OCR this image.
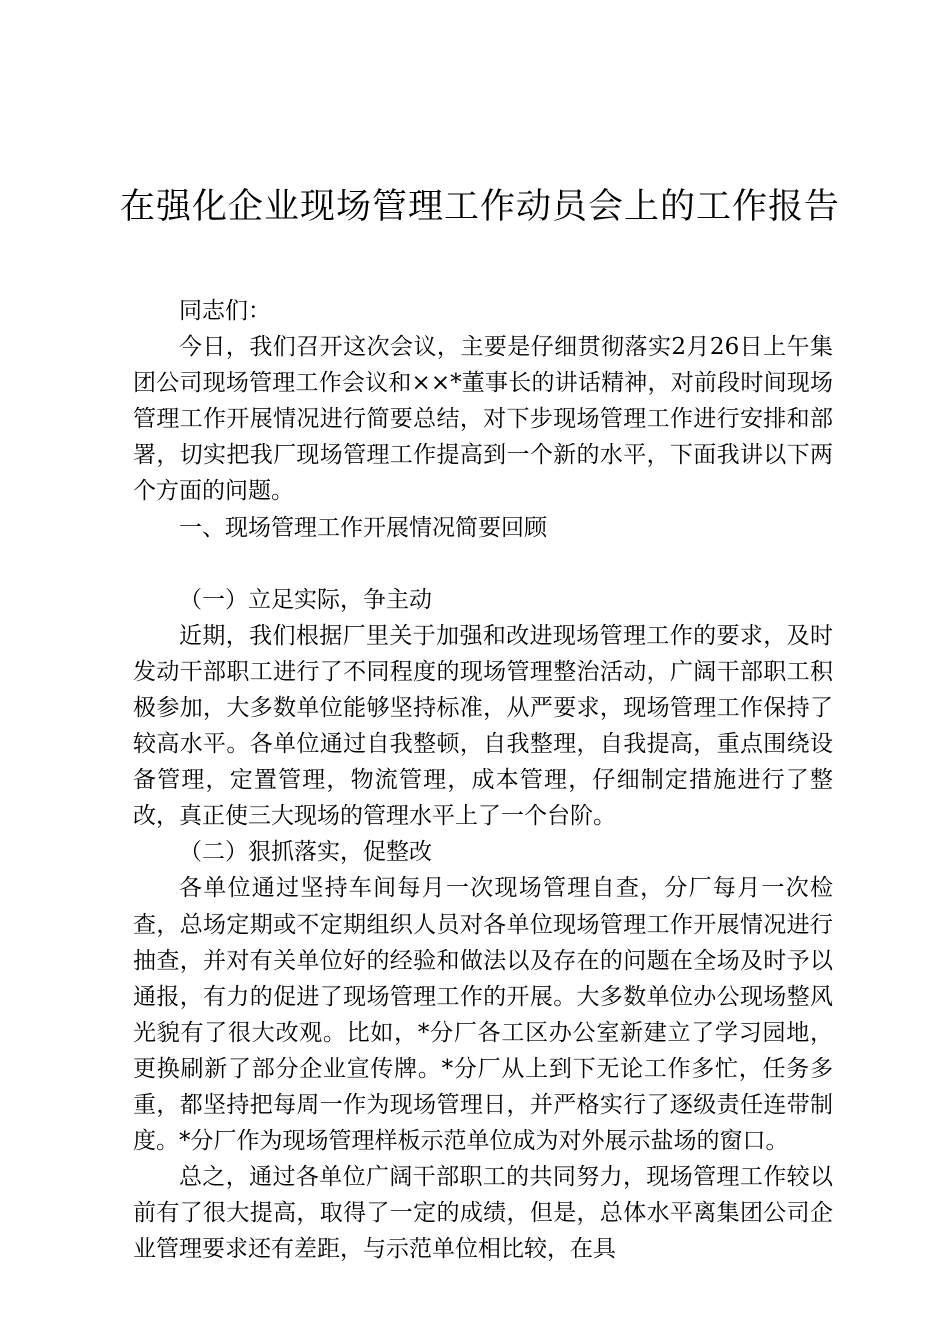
在强化企业现场管理工作动员会上的工作报告

同志们：

今日，我们召开这次会议，主要是仔细贯彻落实2月26日上午集团公司现场管理工作会议和××*董事长的讲话精神，对前段时间现场管理工作开展情况进行简要总结，对下步现场管理工作进行安排和部署，切实把我厂现场管理工作提高到一个新的水平，下面我讲以下两个方面的问题。

一、现场管理工作开展情况简要回顾

（一）立足实际，争主动

近期，我们根据厂里关于加强和改进现场管理工作的要求，及时发动干部职工进行了不同程度的现场管理整治活动，广阔干部职工积极参加，大多数单位能够坚持标准，从严要求，现场管理工作保持了较高水平。各单位通过自我整顿，自我整理，自我提高，重点围绕设备管理，定置管理，物流管理，成本管理，仔细制定措施进行了整改，真正使三大现场的管理水平上了一个台阶。

（二）狠抓落实，促整改

各单位通过坚持车间每月一次现场管理自查，分厂每月一次检查，总场定期或不定期组织人员对各单位现场管理工作开展情况进行抽查，并对有关单位好的经验和做法以及存在的问题在全场及时予以通报，有力的促进了现场管理工作的开展。大多数单位办公现场整风光貌有了很大改观。比如，*分厂各工区办公室新建立了学习园地，更换刷新了部分企业宣传牌。*分厂从上到下无论工作多忙，任务多重，都坚持把每周一作为现场管理日，并严格实行了逐级责任连带制度。*分厂作为现场管理样板示范单位成为对外展示盐场的窗口。

总之，通过各单位广阔干部职工的共同努力，现场管理工作较以前有了很大提高，取得了一定的成绩，但是，总体水平离集团公司企业管理要求还有差距，与示范单位相比较，在具
